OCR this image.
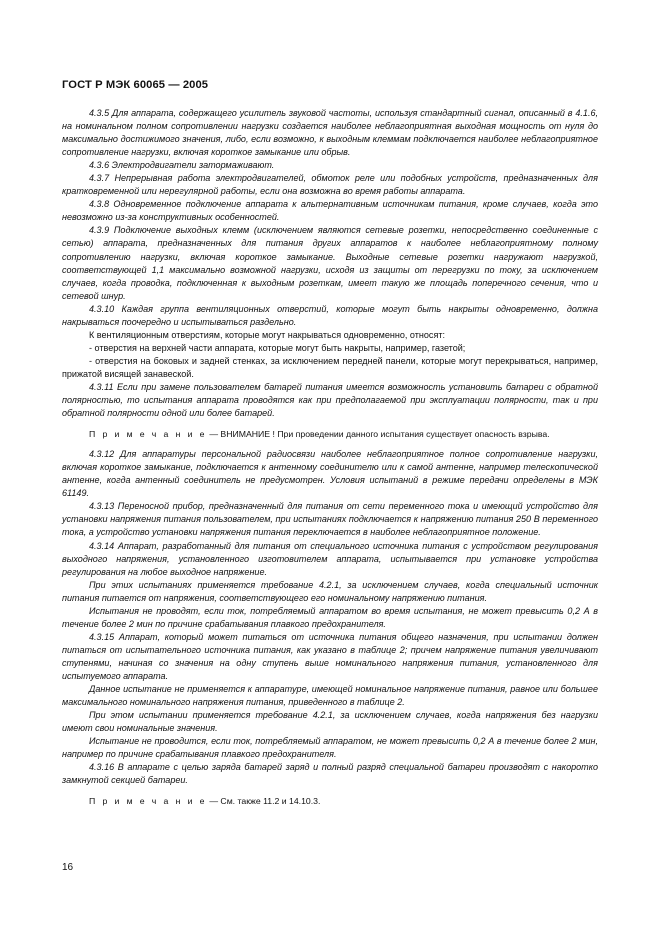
ГОСТ Р МЭК 60065 — 2005

4.3.5 Для аппарата, содержащего усилитель звуковой частоты, используя стандартный сигнал, описанный в 4.1.6, на номинальном полном сопротивлении нагрузки создается наиболее неблагоприятная выходная мощность от нуля до максимально достижимого значения, либо, если возможно, к выходным клеммам подключается наиболее неблагоприятное сопротивление нагрузки, включая короткое замыкание или обрыв.

4.3.6 Электродвигатели затормаживают.

4.3.7 Непрерывная работа электродвигателей, обмоток реле или подобных устройств, предназначенных для кратковременной или нерегулярной работы, если она возможна во время работы аппарата.

4.3.8 Одновременное подключение аппарата к альтернативным источникам питания, кроме случаев, когда это невозможно из-за конструктивных особенностей.

4.3.9 Подключение выходных клемм (исключением являются сетевые розетки, непосредственно соединенные с сетью) аппарата, предназначенных для питания других аппаратов к наиболее неблагоприятному полному сопротивлению нагрузки, включая короткое замыкание. Выходные сетевые розетки нагружают нагрузкой, соответствующей 1,1 максимально возможной нагрузки, исходя из защиты от перегрузки по току, за исключением случаев, когда проводка, подключенная к выходным розеткам, имеет такую же площадь поперечного сечения, что и сетевой шнур.

4.3.10 Каждая группа вентиляционных отверстий, которые могут быть накрыты одновременно, должна накрываться поочередно и испытываться раздельно.

К вентиляционным отверстиям, которые могут накрываться одновременно, относят:

- отверстия на верхней части аппарата, которые могут быть накрыты, например, газетой;

- отверстия на боковых и задней стенках, за исключением передней панели, которые могут перекрываться, например, прижатой висящей занавеской.

4.3.11 Если при замене пользователем батарей питания имеется возможность установить батареи с обратной полярностью, то испытания аппарата проводятся как при предполагаемой при эксплуатации полярности, так и при обратной полярности одной или более батарей.

П р и м е ч а н и е — ВНИМАНИЕ ! При проведении данного испытания существует опасность взрыва.

4.3.12 Для аппаратуры персональной радиосвязи наиболее неблагоприятное полное сопротивление нагрузки, включая короткое замыкание, подключается к антенному соединителю или к самой антенне, например телескопической антенне, когда антенный соединитель не предусмотрен. Условия испытаний в режиме передачи определены в МЭК 61149.

4.3.13 Переносной прибор, предназначенный для питания от сети переменного тока и имеющий устройство для установки напряжения питания пользователем, при испытаниях подключается к напряжению питания 250 В переменного тока, а устройство установки напряжения питания переключается в наиболее неблагоприятное положение.

4.3.14 Аппарат, разработанный для питания от специального источника питания с устройством регулирования выходного напряжения, установленного изготовителем аппарата, испытывается при установке устройства регулирования на любое выходное напряжение.

При этих испытаниях применяется требование 4.2.1, за исключением случаев, когда специальный источник питания питается от напряжения, соответствующего его номинальному напряжению питания.

Испытания не проводят, если ток, потребляемый аппаратом во время испытания, не может превысить 0,2 А в течение более 2 мин по причине срабатывания плавкого предохранителя.

4.3.15 Аппарат, который может питаться от источника питания общего назначения, при испытании должен питаться от испытательного источника питания, как указано в таблице 2; причем напряжение питания увеличивают ступенями, начиная со значения на одну ступень выше номинального напряжения питания, установленного для испытуемого аппарата.

Данное испытание не применяется к аппаратуре, имеющей номинальное напряжение питания, равное или большее максимального номинального напряжения питания, приведенного в таблице 2.

При этом испытании применяется требование 4.2.1, за исключением случаев, когда напряжения без нагрузки имеют свои номинальные значения.

Испытание не проводится, если ток, потребляемый аппаратом, не может превысить 0,2 А в течение более 2 мин, например по причине срабатывания плавкого предохранителя.

4.3.16 В аппарате с целью заряда батарей заряд и полный разряд специальной батареи производят с накоротко замкнутой секцией батареи.

П р и м е ч а н и е — См. также 11.2 и 14.10.3.

16
